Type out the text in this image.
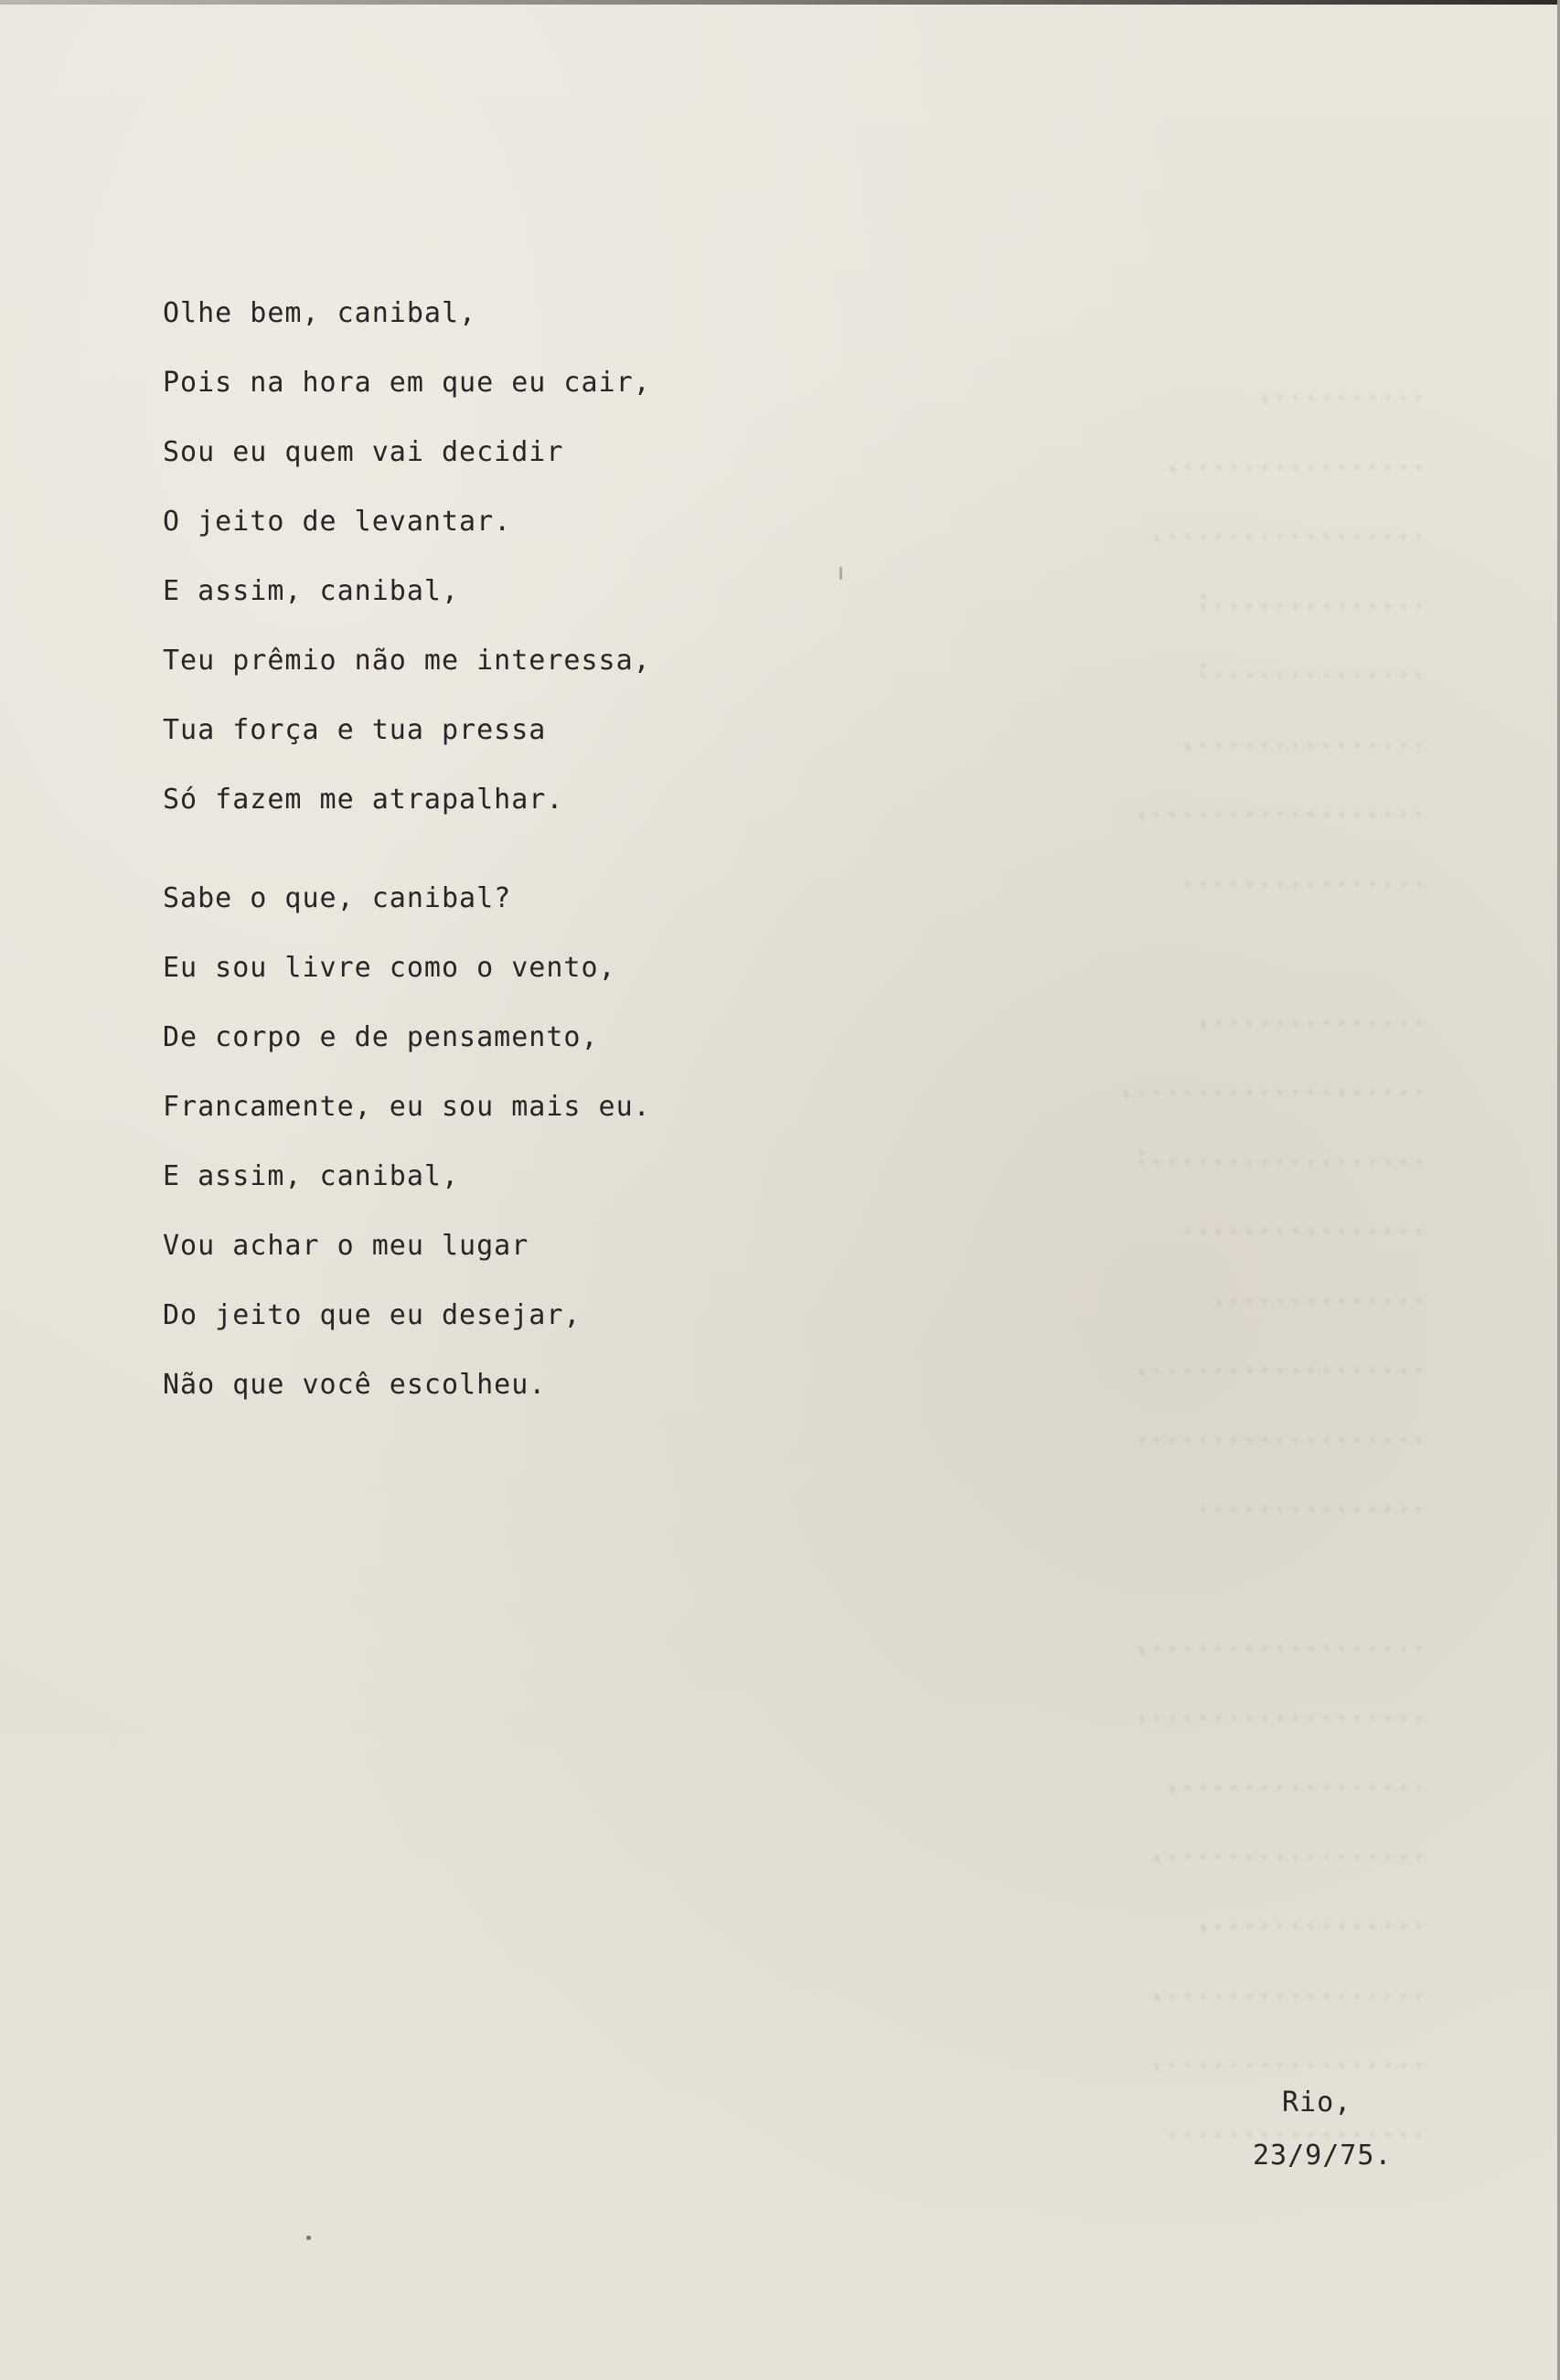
..........,
................,
.................,
..............;
..............:
...............,
..................,
................

..............,
...................,
..................:
................
.............,
..................,
...................
...............

..................,
..................,
................,
.................,
..............,
.................,
.................,
.................
Olhe bem, canibal,
Pois na hora em que eu cair,
Sou eu quem vai decidir
O jeito de levantar.
E assim, canibal,
Teu prêmio não me interessa,
Tua força e tua pressa
Só fazem me atrapalhar.
Sabe o que, canibal?
Eu sou livre como o vento,
De corpo e de pensamento,
Francamente, eu sou mais eu.
E assim, canibal,
Vou achar o meu lugar
Do jeito que eu desejar,
Não que você escolheu.
Rio,
23/9/75.
